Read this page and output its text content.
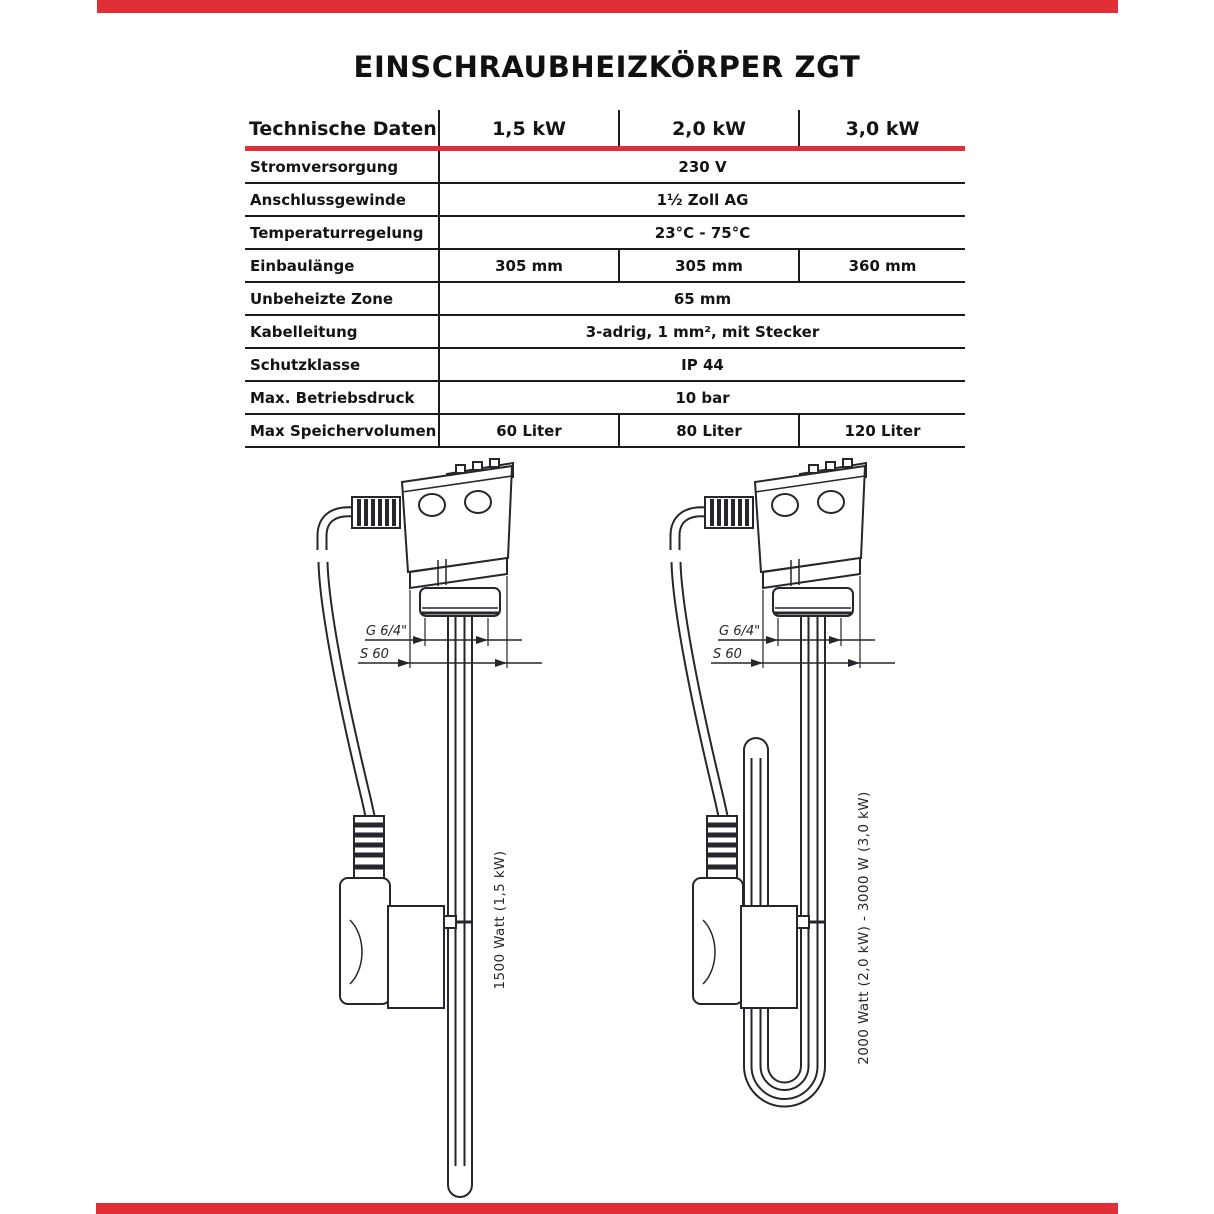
EINSCHRAUBHEIZKÖRPER ZGT
Technische Daten	1,5 kW	2,0 kW	3,0 kW
Stromversorgung	230 V
Anschlussgewinde	1½ Zoll AG
Temperaturregelung	23°C - 75°C
Einbaulänge	305 mm	305 mm	360 mm
Unbeheizte Zone	65 mm
Kabelleitung	3-adrig, 1 mm², mit Stecker
Schutzklasse	IP 44
Max. Betriebsdruck	10 bar
Max Speichervolumen	60 Liter	80 Liter	120 Liter
1500 Watt (1,5 kW)	2000 Watt (2,0 kW) - 3000 W (3,0 kW)
